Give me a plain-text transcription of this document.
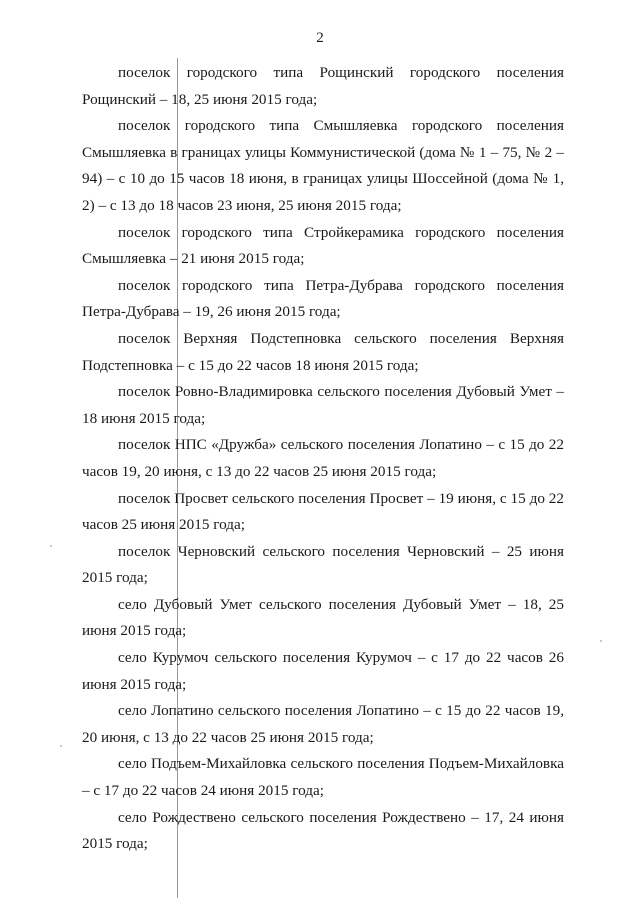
2

поселок городского типа Рощинский городского поселения Рощинский – 18, 25 июня 2015 года;

поселок городского типа Смышляевка городского поселения Смышляевка в границах улицы Коммунистической (дома № 1 – 75, № 2 – 94) – с 10 до 15 часов 18 июня, в границах улицы Шоссейной (дома № 1, 2) – с 13 до 18 часов 23 июня, 25 июня 2015 года;

поселок городского типа Стройкерамика городского поселения Смышляевка – 21 июня 2015 года;

поселок городского типа Петра-Дубрава городского поселения Петра-Дубрава – 19, 26 июня 2015 года;

поселок Верхняя Подстепновка сельского поселения Верхняя Подстепновка – с 15 до 22 часов 18 июня 2015 года;

поселок Ровно-Владимировка сельского поселения Дубовый Умет – 18 июня 2015 года;

поселок НПС «Дружба» сельского поселения Лопатино – с 15 до 22 часов 19, 20 июня, с 13 до 22 часов 25 июня 2015 года;

поселок Просвет сельского поселения Просвет – 19 июня, с 15 до 22 часов 25 июня 2015 года;

поселок Черновский сельского поселения Черновский – 25 июня 2015 года;

село Дубовый Умет сельского поселения Дубовый Умет – 18, 25 июня 2015 года;

село Курумоч сельского поселения Курумоч – с 17 до 22 часов 26 июня 2015 года;

село Лопатино сельского поселения Лопатино – с 15 до 22 часов 19, 20 июня, с 13 до 22 часов 25 июня 2015 года;

село Подъем-Михайловка сельского поселения Подъем-Михайловка – с 17 до 22 часов 24 июня 2015 года;

село Рождествено сельского поселения Рождествено – 17, 24 июня 2015 года;
